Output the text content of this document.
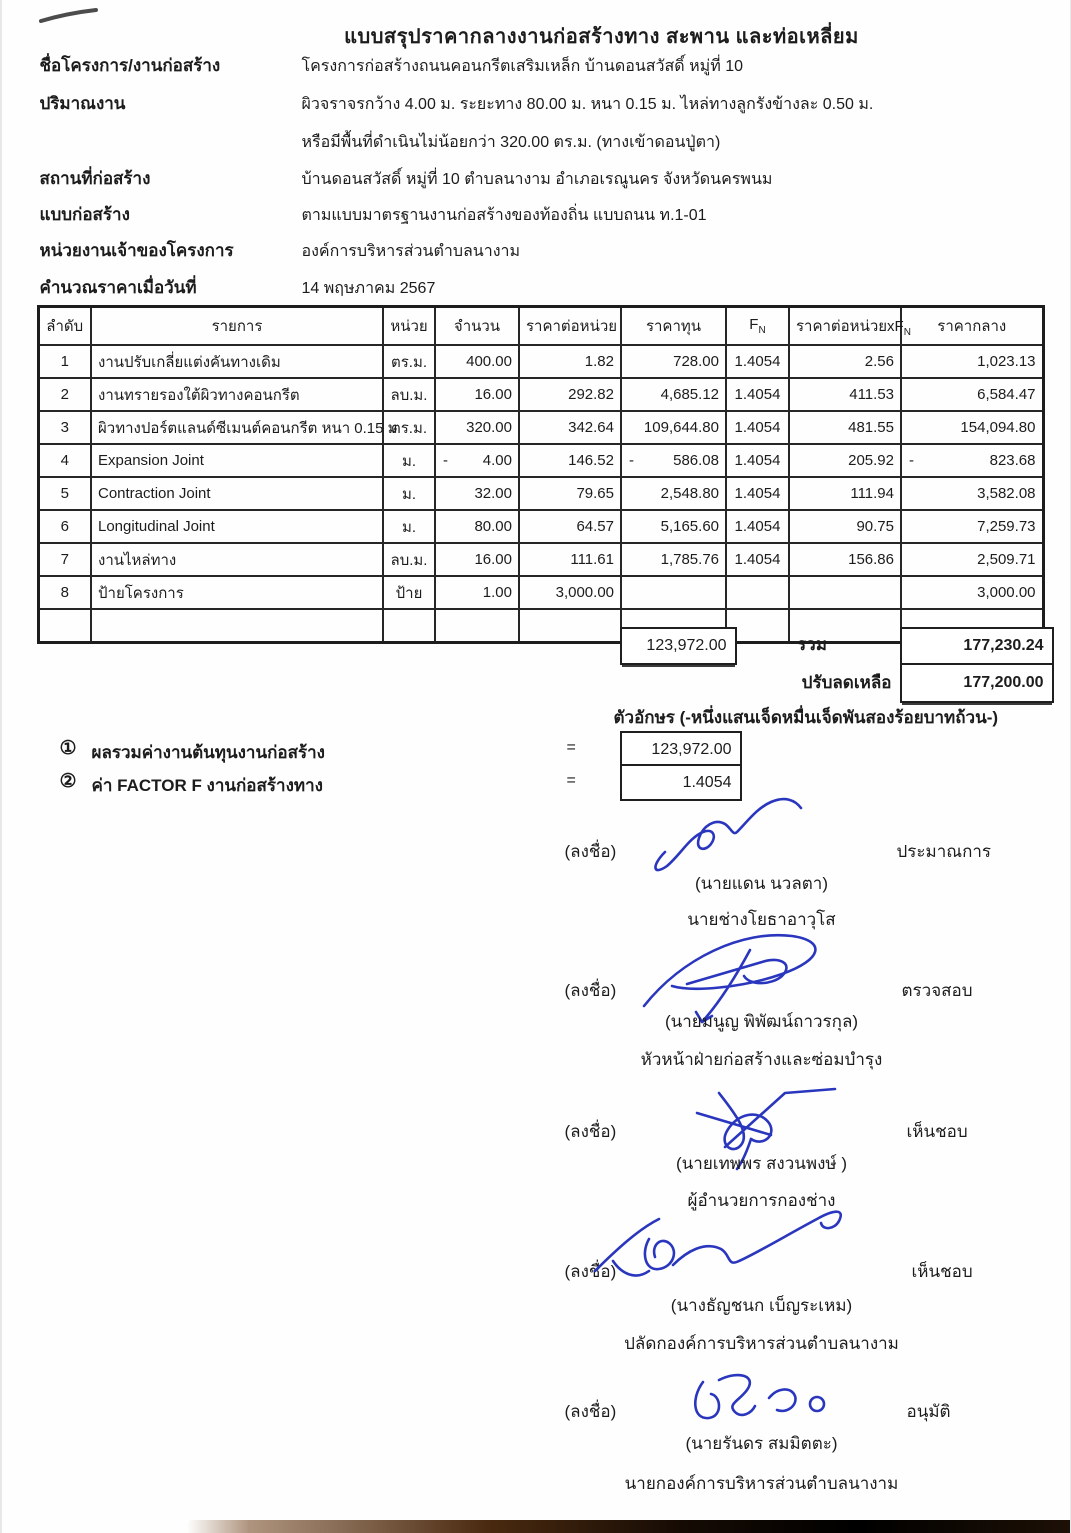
แบบสรุปราคากลางงานก่อสร้างทาง สะพาน และท่อเหลี่ยม
ชื่อโครงการ/งานก่อสร้าง	โครงการก่อสร้างถนนคอนกรีตเสริมเหล็ก บ้านดอนสวัสดิ์ หมู่ที่ 10
ปริมาณงาน	ผิวจราจรกว้าง 4.00 ม. ระยะทาง 80.00 ม. หนา 0.15 ม. ไหล่ทางลูกรังข้างละ 0.50 ม.
หรือมีพื้นที่ดำเนินไม่น้อยกว่า 320.00 ตร.ม. (ทางเข้าดอนปู่ตา)
สถานที่ก่อสร้าง	บ้านดอนสวัสดิ์ หมู่ที่ 10 ตำบลนางาม อำเภอเรณูนคร จังหวัดนครพนม
แบบก่อสร้าง	ตามแบบมาตรฐานงานก่อสร้างของท้องถิ่น แบบถนน ท.1-01
หน่วยงานเจ้าของโครงการ	องค์การบริหารส่วนตำบลนางาม
คำนวณราคาเมื่อวันที่	14 พฤษภาคม 2567
ลำดับ	รายการ	หน่วย	จำนวน	ราคาต่อหน่วย	ราคาทุน	$F_N$	ราคาต่อหน่วย$xF_N$	ราคากลาง
1	งานปรับเกลี่ยแต่งคันทางเดิม	ตร.ม.	400.00	1.82	728.00	1.4054	2.56	1,023.13
2	งานทรายรองใต้ผิวทางคอนกรีต	ลบ.ม.	16.00	292.82	4,685.12	1.4054	411.53	6,584.47
3	ผิวทางปอร์ตแลนด์ซีเมนต์คอนกรีต หนา 0.15 ม	ตร.ม.	320.00	342.64	109,644.80	1.4054	481.55	154,094.80
4	Expansion Joint	ม.	- 4.00	146.52	- 586.08	1.4054	205.92	- 823.68
5	Contraction Joint	ม.	32.00	79.65	2,548.80	1.4054	111.94	3,582.08
6	Longitudinal Joint	ม.	80.00	64.57	5,165.60	1.4054	90.75	7,259.73
7	งานไหล่ทาง	ลบ.ม.	16.00	111.61	1,785.76	1.4054	156.86	2,509.71
8	ป้ายโครงการ	ป้าย	1.00	3,000.00				3,000.00

123,972.00	รวม	177,230.24
ปรับลดเหลือ	177,200.00
ตัวอักษร (-หนึ่งแสนเจ็ดหมื่นเจ็ดพันสองร้อยบาทถ้วน-)
① ผลรวมค่างานต้นทุนงานก่อสร้าง	=	123,972.00
② ค่า FACTOR F งานก่อสร้างทาง	=	1.4054
(ลงชื่อ)	ประมาณการ
(นายแดน นวลตา)
นายช่างโยธาอาวุโส
(ลงชื่อ)	ตรวจสอบ
(นายมนูญ พิพัฒน์ถาวรกุล)
หัวหน้าฝ่ายก่อสร้างและซ่อมบำรุง
(ลงชื่อ)	เห็นชอบ
(นายเทพพร สงวนพงษ์ )
ผู้อำนวยการกองช่าง
(ลงชื่อ)	เห็นชอบ
(นางธัญชนก เบ็ญระเหม)
ปลัดกองค์การบริหารส่วนตำบลนางาม
(ลงชื่อ)	อนุมัติ
(นายรันดร สมมิตตะ)
นายกองค์การบริหารส่วนตำบลนางาม
